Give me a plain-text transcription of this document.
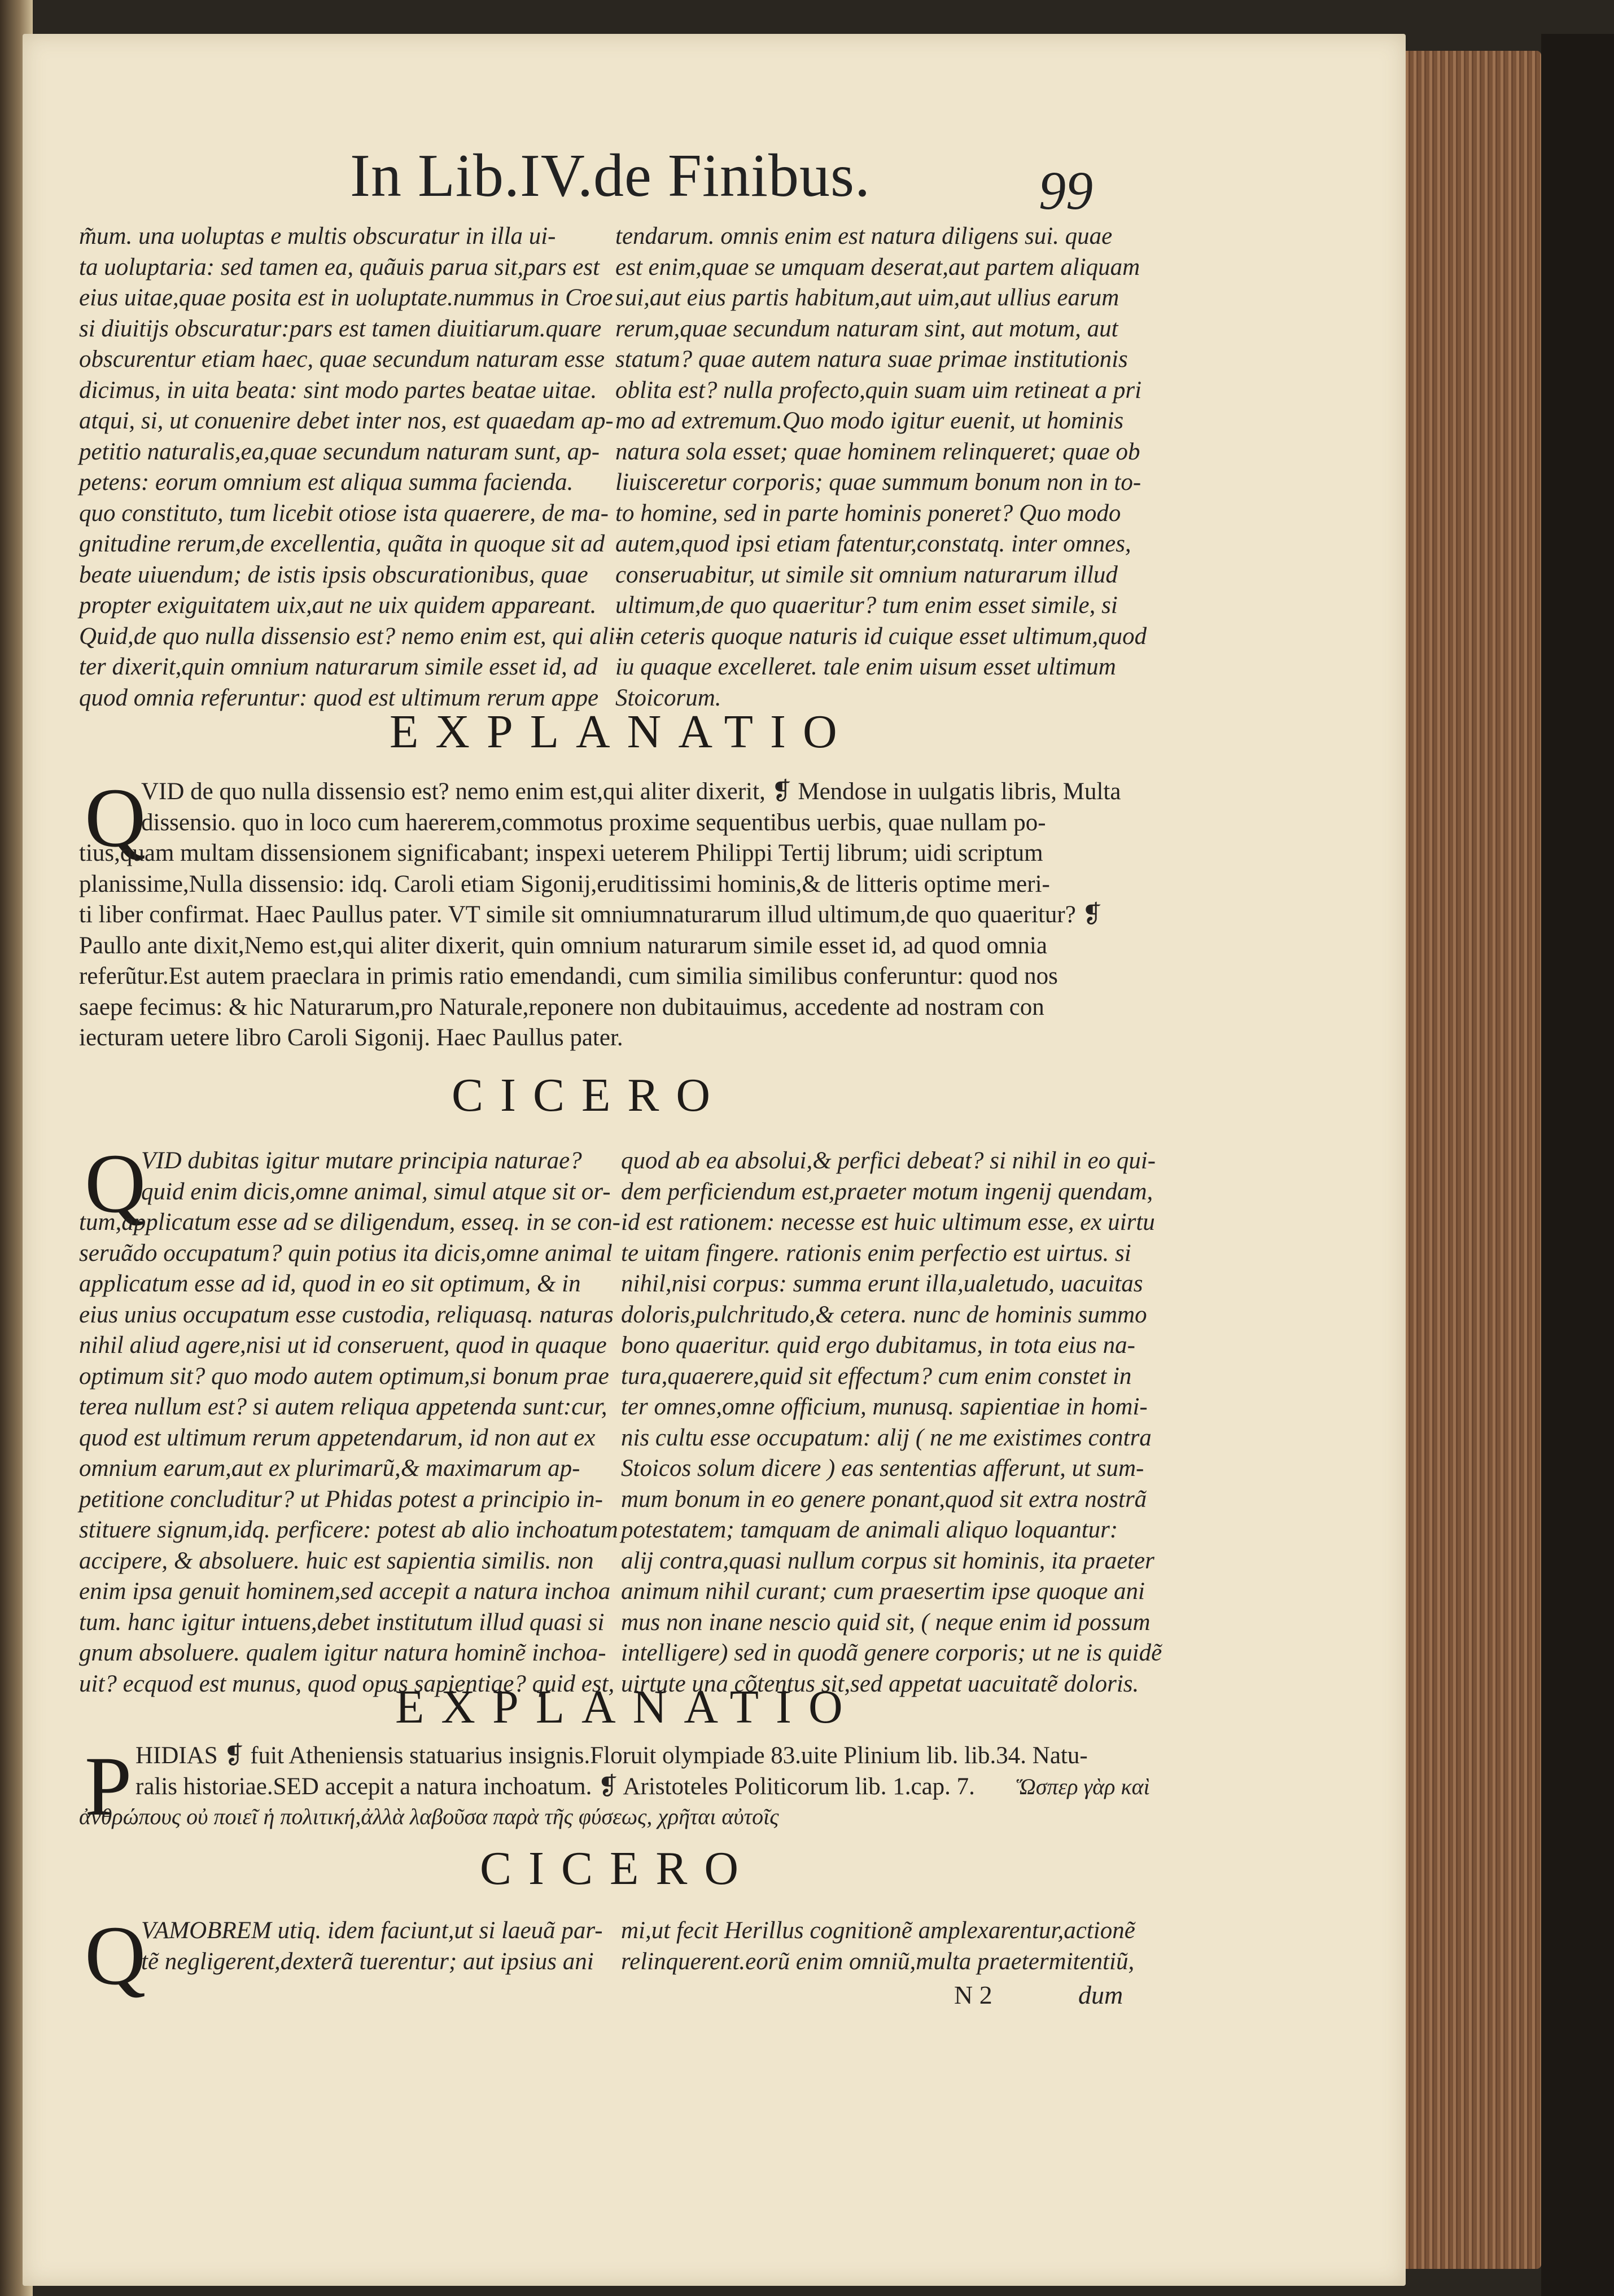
In Lib.IV.de Finibus.	99

m̃um. una uoluptas e multis obscuratur in illa ui-

ta uoluptaria: sed tamen ea, quãuis parua sit,pars est

eius uitae,quae posita est in uoluptate.nummus in Croe

si diuitijs obscuratur:pars est tamen diuitiarum.quare

obscurentur etiam haec, quae secundum naturam esse

dicimus, in uita beata: sint modo partes beatae uitae.

atqui, si, ut conuenire debet inter nos, est quaedam ap-

petitio naturalis,ea,quae secundum naturam sunt, ap-

petens: eorum omnium est aliqua summa facienda.

quo constituto, tum licebit otiose ista quaerere, de ma-

gnitudine rerum,de excellentia, quãta in quoque sit ad

beate uiuendum; de istis ipsis obscurationibus, quae

propter exiguitatem uix,aut ne uix quidem appareant.

Quid,de quo nulla dissensio est? nemo enim est, qui ali-

ter dixerit,quin omnium naturarum simile esset id, ad

quod omnia referuntur: quod est ultimum rerum appe

tendarum. omnis enim est natura diligens sui. quae

est enim,quae se umquam deserat,aut partem aliquam

sui,aut eius partis habitum,aut uim,aut ullius earum

rerum,quae secundum naturam sint, aut motum, aut

statum? quae autem natura suae primae institutionis

oblita est? nulla profecto,quin suam uim retineat a pri

mo ad extremum.Quo modo igitur euenit, ut hominis

natura sola esset; quae hominem relinqueret; quae ob

liuisceretur corporis; quae summum bonum non in to-

to homine, sed in parte hominis poneret? Quo modo

autem,quod ipsi etiam fatentur,constatq. inter omnes,

conseruabitur, ut simile sit omnium naturarum illud

ultimum,de quo quaeritur? tum enim esset simile, si

in ceteris quoque naturis id cuique esset ultimum,quod

iu quaque excelleret. tale enim uisum esset ultimum

Stoicorum.

EXPLANATIO
Q

VID de quo nulla dissensio est? nemo enim est,qui aliter dixerit, ❡ Mendose in uulgatis libris, Multa

dissensio. quo in loco cum haererem,commotus proxime sequentibus uerbis, quae nullam po-

tius,quam multam dissensionem significabant; inspexi ueterem Philippi Tertij librum; uidi scriptum

planissime,Nulla dissensio: idq. Caroli etiam Sigonij,eruditissimi hominis,& de litteris optime meri-

ti liber confirmat. Haec Paullus pater. VT simile sit omniumnaturarum illud ultimum,de quo quaeritur? ❡

Paullo ante dixit,Nemo est,qui aliter dixerit, quin omnium naturarum simile esset id, ad quod omnia

referũtur.Est autem praeclara in primis ratio emendandi, cum similia similibus conferuntur: quod nos

saepe fecimus: & hic Naturarum,pro Naturale,reponere non dubitauimus, accedente ad nostram con

iecturam uetere libro Caroli Sigonij. Haec Paullus pater.

CICERO
Q

VID dubitas igitur mutare principia naturae?

quid enim dicis,omne animal, simul atque sit or-

tum,applicatum esse ad se diligendum, esseq. in se con-

seruãdo occupatum? quin potius ita dicis,omne animal

applicatum esse ad id, quod in eo sit optimum, & in

eius unius occupatum esse custodia, reliquasq. naturas

nihil aliud agere,nisi ut id conseruent, quod in quaque

optimum sit? quo modo autem optimum,si bonum prae

terea nullum est? si autem reliqua appetenda sunt:cur,

quod est ultimum rerum appetendarum, id non aut ex

omnium earum,aut ex plurimarũ,& maximarum ap-

petitione concluditur? ut Phidas potest a principio in-

stituere signum,idq. perficere: potest ab alio inchoatum

accipere, & absoluere. huic est sapientia similis. non

enim ipsa genuit hominem,sed accepit a natura inchoa

tum. hanc igitur intuens,debet institutum illud quasi si

gnum absoluere. qualem igitur natura hominẽ inchoa-

uit? ecquod est munus, quod opus sapientiae? quid est,

quod ab ea absolui,& perfici debeat? si nihil in eo qui-

dem perficiendum est,praeter motum ingenij quendam,

id est rationem: necesse est huic ultimum esse, ex uirtu

te uitam fingere. rationis enim perfectio est uirtus. si

nihil,nisi corpus: summa erunt illa,ualetudo, uacuitas

doloris,pulchritudo,& cetera. nunc de hominis summo

bono quaeritur. quid ergo dubitamus, in tota eius na-

tura,quaerere,quid sit effectum? cum enim constet in

ter omnes,omne officium, munusq. sapientiae in homi-

nis cultu esse occupatum: alij ( ne me existimes contra

Stoicos solum dicere ) eas sententias afferunt, ut sum-

mum bonum in eo genere ponant,quod sit extra nostrã

potestatem; tamquam de animali aliquo loquantur:

alij contra,quasi nullum corpus sit hominis, ita praeter

animum nihil curant; cum praesertim ipse quoque ani

mus non inane nescio quid sit, ( neque enim id possum

intelligere) sed in quodã genere corporis; ut ne is quidẽ

uirtute una cõtentus sit,sed appetat uacuitatẽ doloris.

EXPLANATIO
P HIDIAS ❡ fuit Atheniensis statuarius insignis.Floruit olympiade 83.uite Plinium lib. lib.34. Natu-

ralis historiae.SED accepit a natura inchoatum. ❡ Aristoteles Politicorum lib. 1.cap. 7.	Ὥσπερ γὰρ καὶ
ἀνθρώπους οὐ ποιεῖ ἡ πολιτική,ἀλλὰ λαβοῦσα παρὰ τῆς φύσεως, χρῆται αὐτοῖς
CICERO
Q

VAMOBREM utiq. idem faciunt,ut si laeuã par-

tẽ negligerent,dexterã tuerentur; aut ipsius ani

mi,ut fecit Herillus cognitionẽ amplexarentur,actionẽ

relinquerent.eorũ enim omniũ,multa praetermitentiũ,

N 2	dum
